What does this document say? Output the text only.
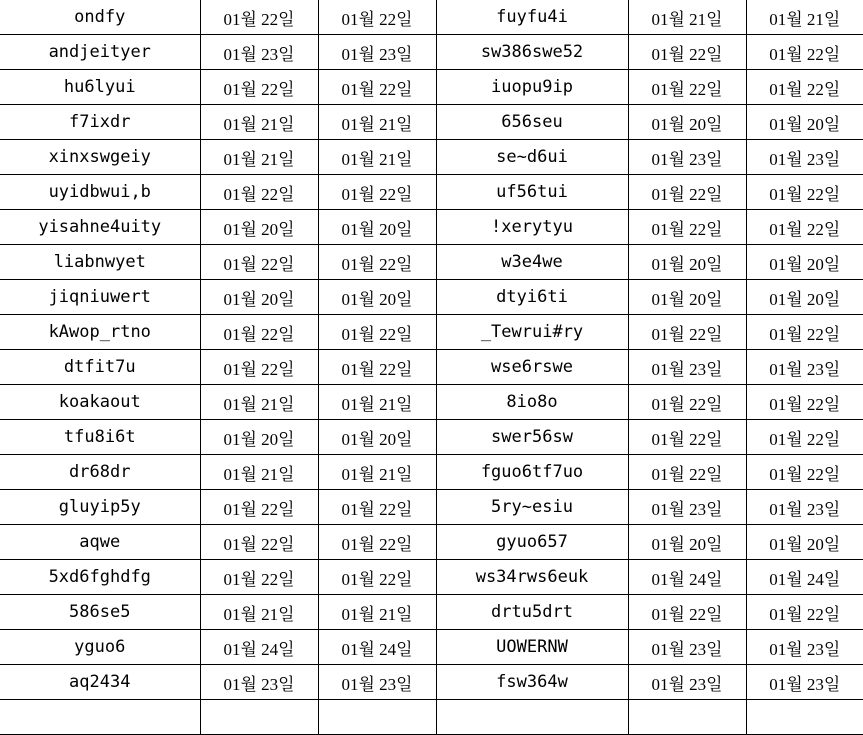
ondfy	01월 22일	01월 22일	fuyfu4i	01월 21일	01월 21일
andjeityer	01월 23일	01월 23일	sw386swe52	01월 22일	01월 22일
hu6lyui	01월 22일	01월 22일	iuopu9ip	01월 22일	01월 22일
f7ixdr	01월 21일	01월 21일	656seu	01월 20일	01월 20일
xinxswgeiy	01월 21일	01월 21일	se~d6ui	01월 23일	01월 23일
uyidbwui,b	01월 22일	01월 22일	uf56tui	01월 22일	01월 22일
yisahne4uity	01월 20일	01월 20일	!xerytyu	01월 22일	01월 22일
liabnwyet	01월 22일	01월 22일	w3e4we	01월 20일	01월 20일
jiqniuwert	01월 20일	01월 20일	dtyi6ti	01월 20일	01월 20일
kAwop_rtno	01월 22일	01월 22일	_Tewrui#ry	01월 22일	01월 22일
dtfit7u	01월 22일	01월 22일	wse6rswe	01월 23일	01월 23일
koakaout	01월 21일	01월 21일	8io8o	01월 22일	01월 22일
tfu8i6t	01월 20일	01월 20일	swer56sw	01월 22일	01월 22일
dr68dr	01월 21일	01월 21일	fguo6tf7uo	01월 22일	01월 22일
gluyip5y	01월 22일	01월 22일	5ry~esiu	01월 23일	01월 23일
aqwe	01월 22일	01월 22일	gyuo657	01월 20일	01월 20일
5xd6fghdfg	01월 22일	01월 22일	ws34rws6euk	01월 24일	01월 24일
586se5	01월 21일	01월 21일	drtu5drt	01월 22일	01월 22일
yguo6	01월 24일	01월 24일	UOWERNW	01월 23일	01월 23일
aq2434	01월 23일	01월 23일	fsw364w	01월 23일	01월 23일
